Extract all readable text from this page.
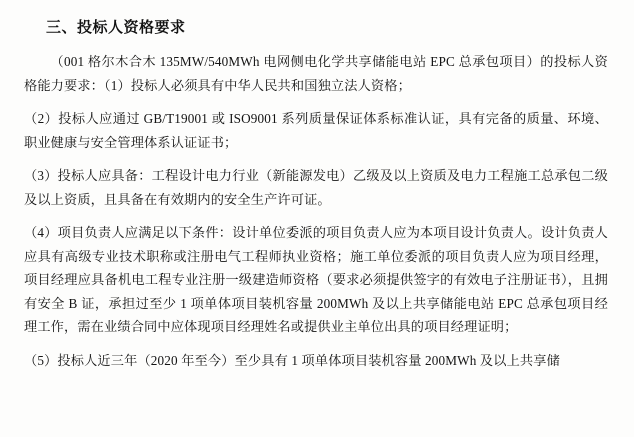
三、投标人资格要求

（001 格尔木合木 135MW/540MWh 电网侧电化学共享储能电站 EPC 总承包项目）的投标人资格能力要求：（1）投标人必须具有中华人民共和国独立法人资格；

（2）投标人应通过 GB/T19001 或 ISO9001 系列质量保证体系标准认证，具有完备的质量、环境、职业健康与安全管理体系认证证书；

（3）投标人应具备：工程设计电力行业（新能源发电）乙级及以上资质及电力工程施工总承包二级及以上资质，且具备在有效期内的安全生产许可证。

（4）项目负责人应满足以下条件：设计单位委派的项目负责人应为本项目设计负责人。设计负责人应具有高级专业技术职称或注册电气工程师执业资格；施工单位委派的项目负责人应为项目经理，项目经理应具备机电工程专业注册一级建造师资格（要求必须提供签字的有效电子注册证书），且拥有安全 B 证，承担过至少 1 项单体项目装机容量 200MWh 及以上共享储能电站 EPC 总承包项目经理工作，需在业绩合同中应体现项目经理姓名或提供业主单位出具的项目经理证明；

（5）投标人近三年（2020 年至今）至少具有 1 项单体项目装机容量 200MWh 及以上共享储
